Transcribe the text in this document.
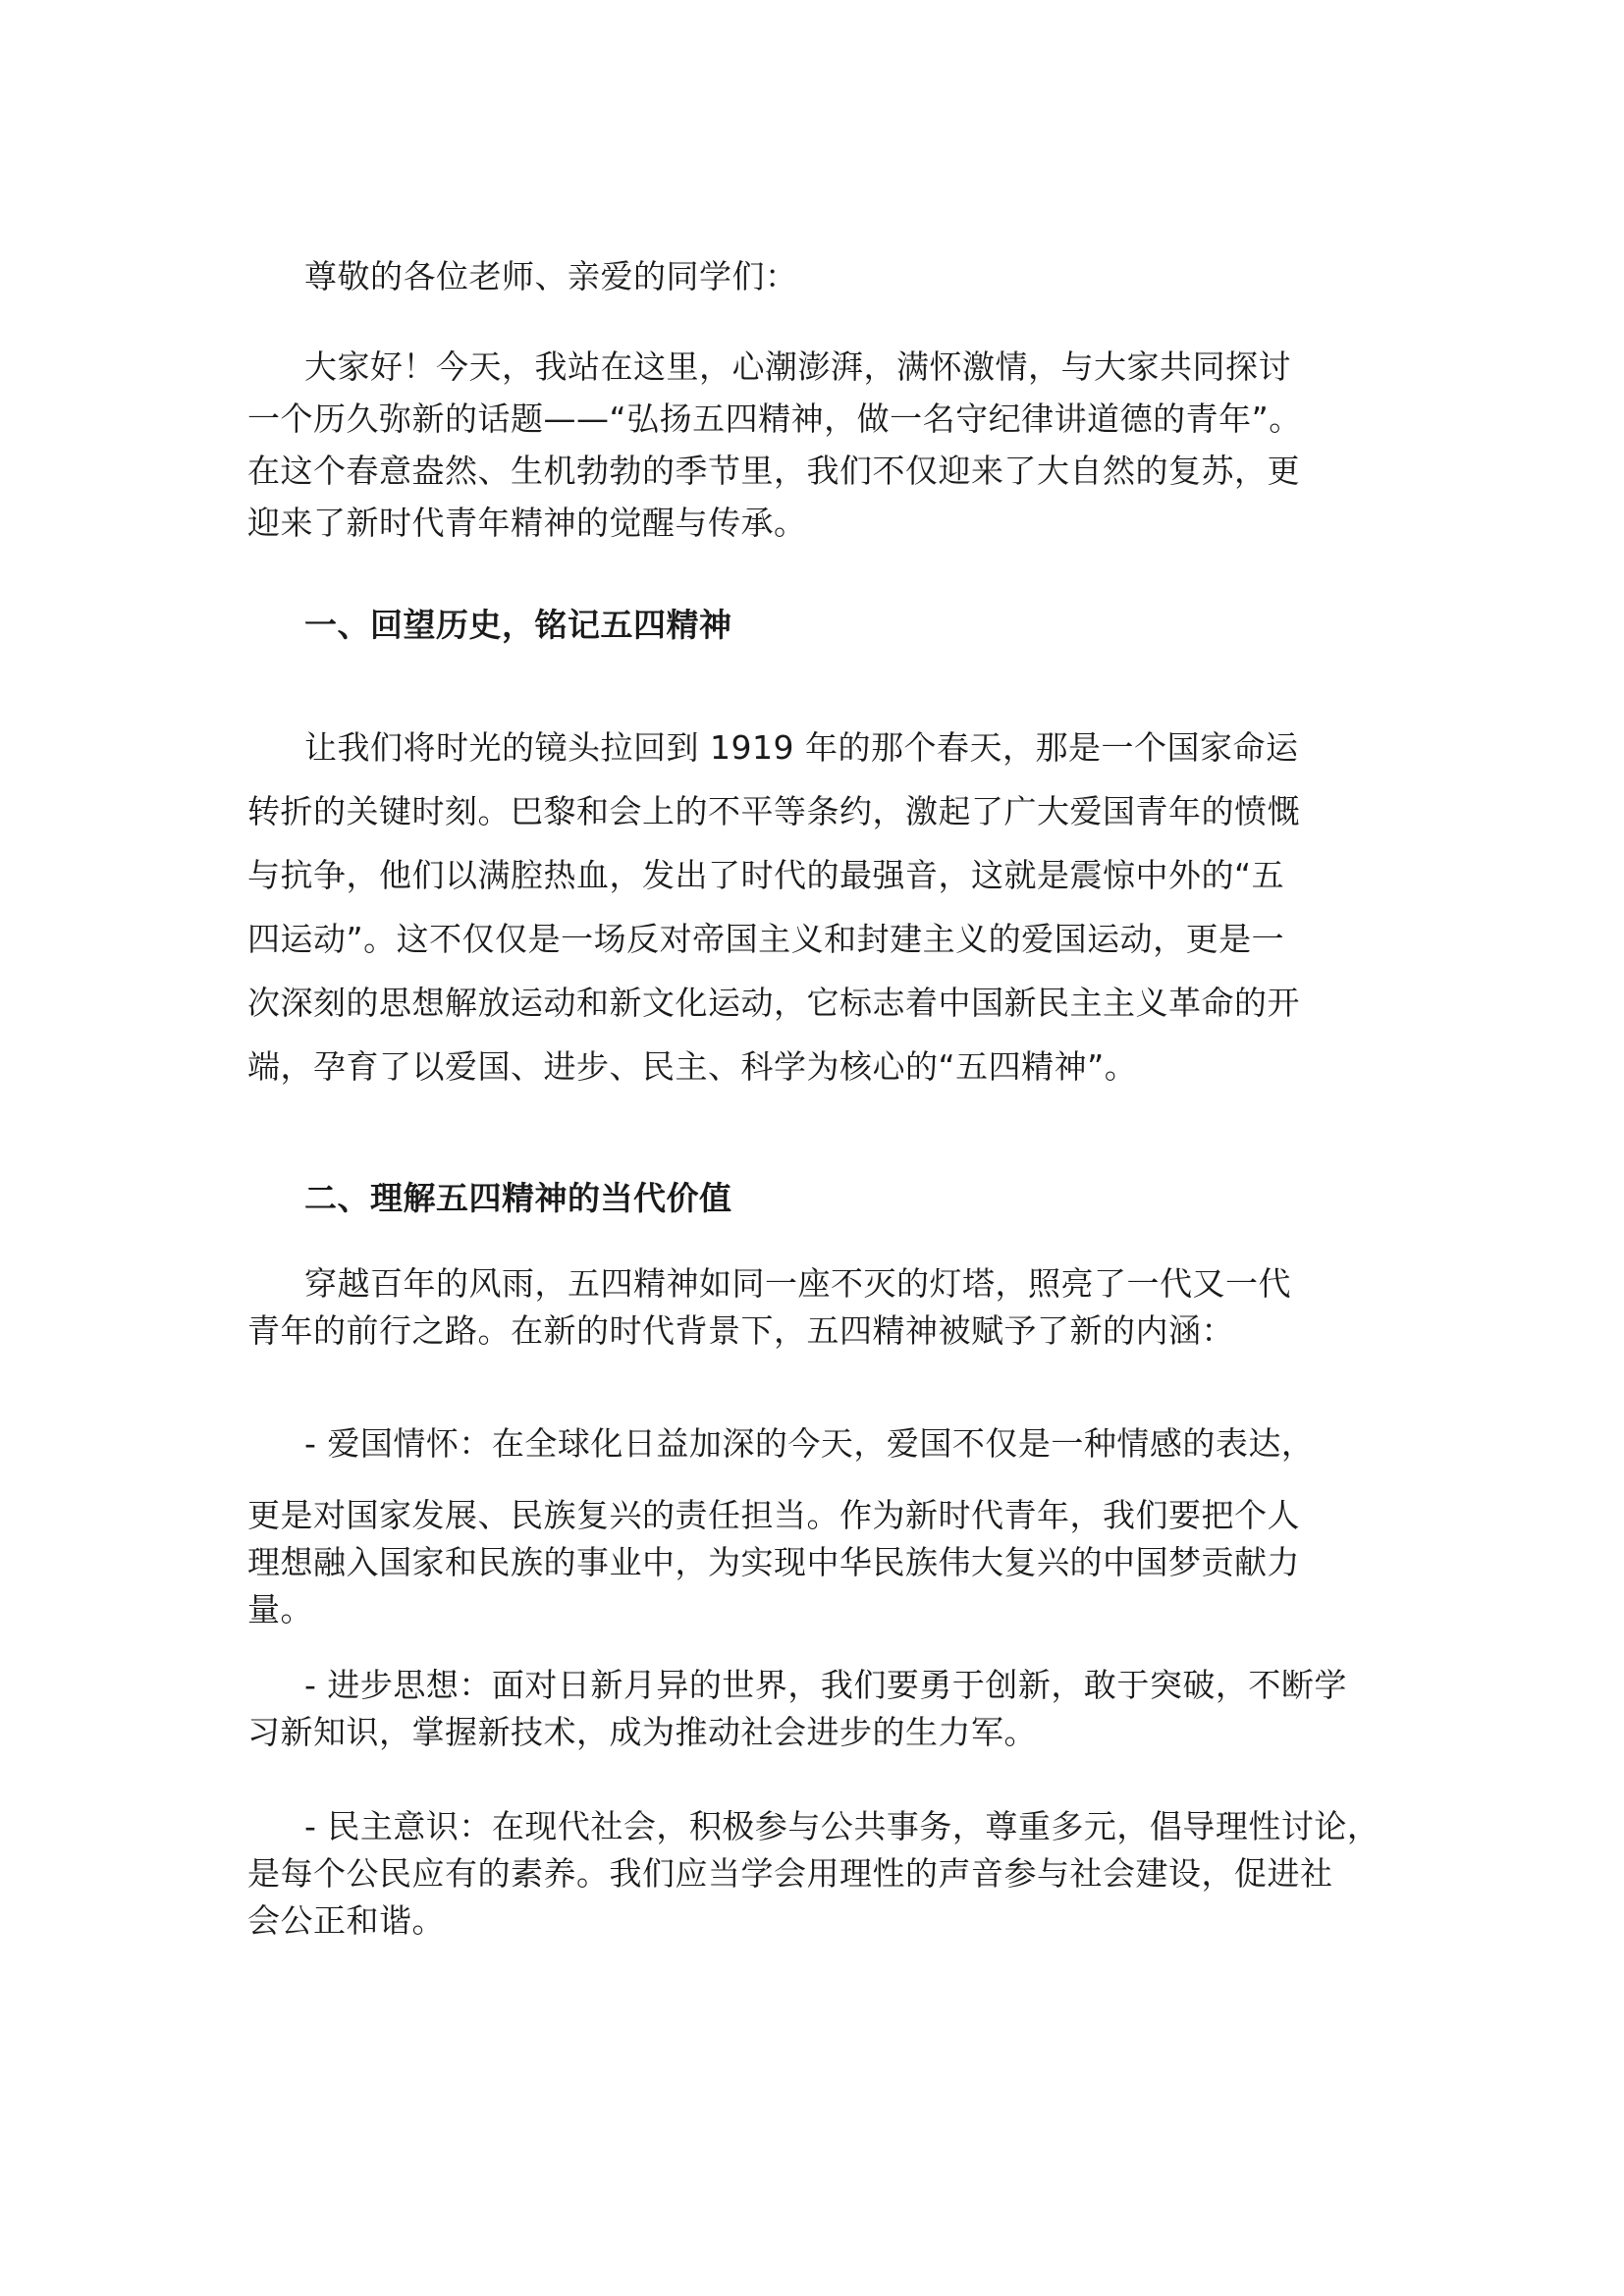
尊敬的各位老师、亲爱的同学们：

大家好！今天，我站在这里，心潮澎湃，满怀激情，与大家共同探讨
一个历久弥新的话题——“弘扬五四精神，做一名守纪律讲道德的青年”。
在这个春意盎然、生机勃勃的季节里，我们不仅迎来了大自然的复苏，更
迎来了新时代青年精神的觉醒与传承。

一、回望历史，铭记五四精神

让我们将时光的镜头拉回到 1919 年的那个春天，那是一个国家命运
转折的关键时刻。巴黎和会上的不平等条约，激起了广大爱国青年的愤慨
与抗争，他们以满腔热血，发出了时代的最强音，这就是震惊中外的“五
四运动”。这不仅仅是一场反对帝国主义和封建主义的爱国运动，更是一
次深刻的思想解放运动和新文化运动，它标志着中国新民主主义革命的开
端，孕育了以爱国、进步、民主、科学为核心的“五四精神”。

二、理解五四精神的当代价值

穿越百年的风雨，五四精神如同一座不灭的灯塔，照亮了一代又一代
青年的前行之路。在新的时代背景下，五四精神被赋予了新的内涵：

- 爱国情怀：在全球化日益加深的今天，爱国不仅是一种情感的表达，
更是对国家发展、民族复兴的责任担当。作为新时代青年，我们要把个人
理想融入国家和民族的事业中，为实现中华民族伟大复兴的中国梦贡献力
量。

- 进步思想：面对日新月异的世界，我们要勇于创新，敢于突破，不断学
习新知识，掌握新技术，成为推动社会进步的生力军。

- 民主意识：在现代社会，积极参与公共事务，尊重多元，倡导理性讨论，
是每个公民应有的素养。我们应当学会用理性的声音参与社会建设，促进社
会公正和谐。
